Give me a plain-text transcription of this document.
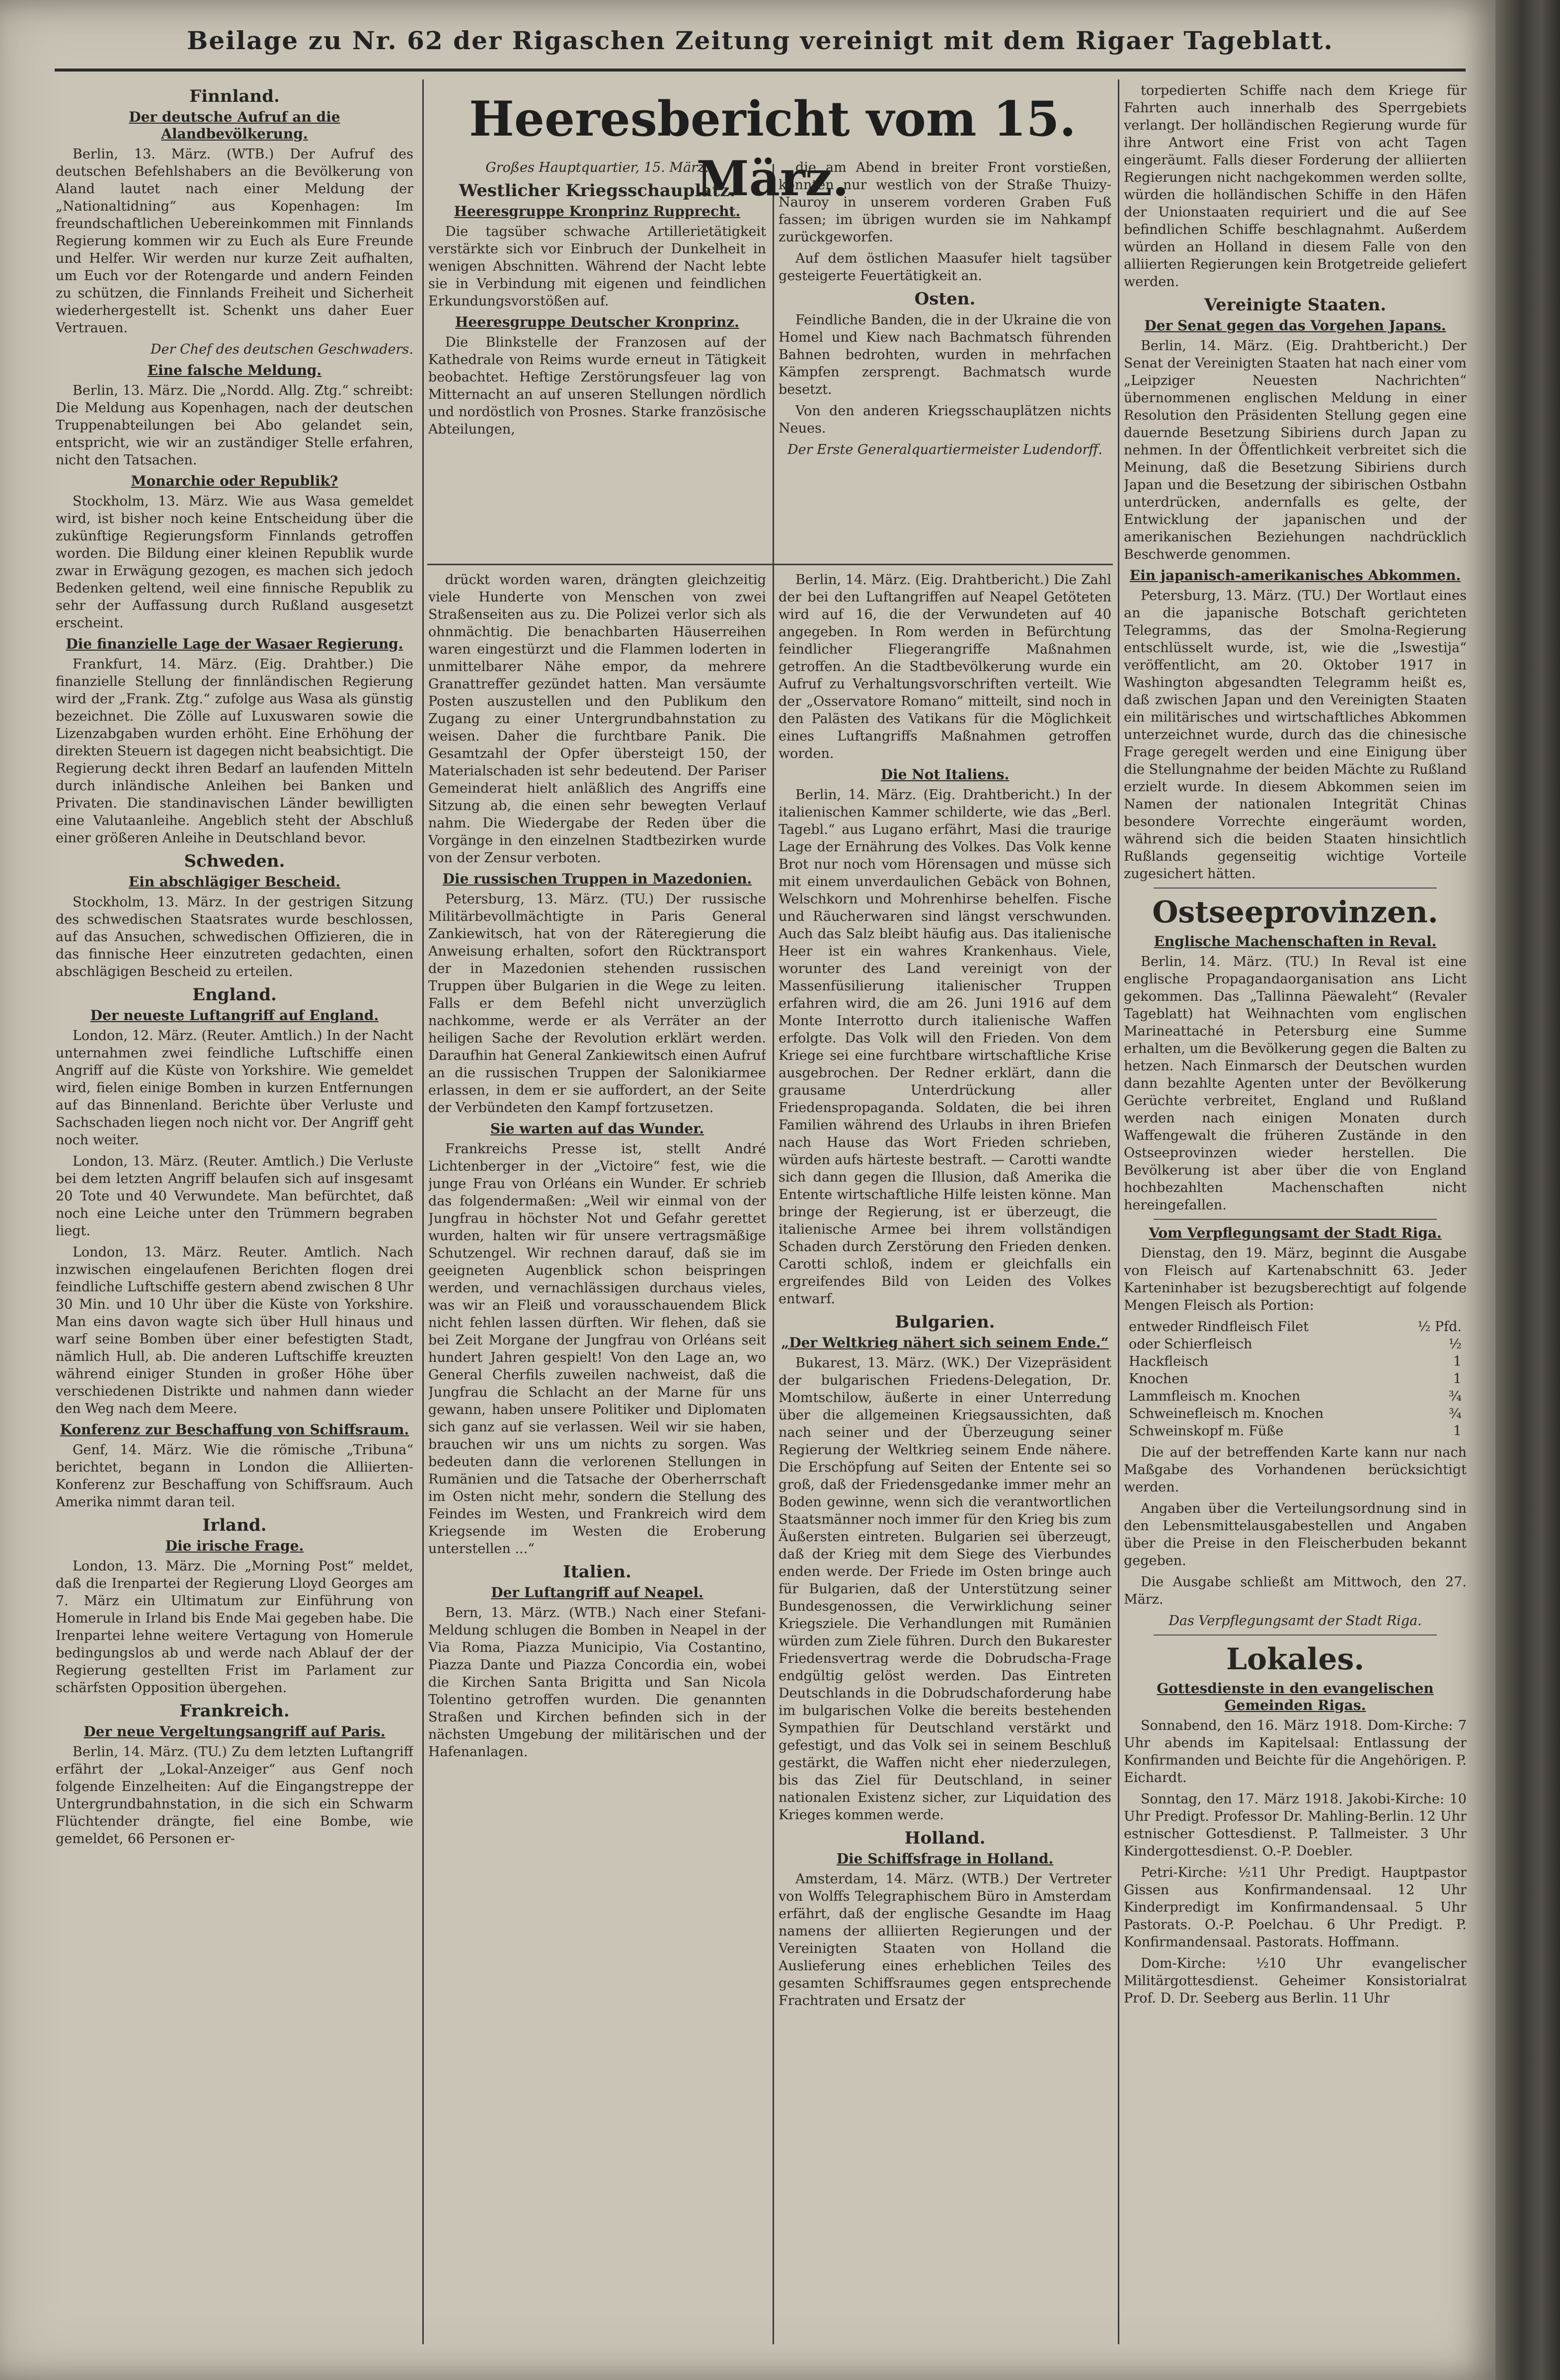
Beilage zu Nr. 62 der Rigaschen Zeitung vereinigt mit dem Rigaer Tageblatt.
Heeresbericht vom 15. März.
Finnland.
Der deutsche Aufruf an die Alandbevölkerung.

Berlin, 13. März. (WTB.) Der Aufruf des deutschen Befehlshabers an die Bevölkerung von Aland lautet nach einer Meldung der „Nationaltidning“ aus Kopenhagen: Im freundschaftlichen Uebereinkommen mit Finnlands Regierung kommen wir zu Euch als Eure Freunde und Helfer. Wir werden nur kurze Zeit aufhalten, um Euch vor der Rotengarde und andern Feinden zu schützen, die Finnlands Freiheit und Sicherheit wiederhergestellt ist. Schenkt uns daher Euer Vertrauen.

Der Chef des deutschen Geschwaders.

Eine falsche Meldung.

Berlin, 13. März. Die „Nordd. Allg. Ztg.“ schreibt: Die Meldung aus Kopenhagen, nach der deutschen Truppenabteilungen bei Abo gelandet sein, entspricht, wie wir an zuständiger Stelle erfahren, nicht den Tatsachen.

Monarchie oder Republik?

Stockholm, 13. März. Wie aus Wasa gemeldet wird, ist bisher noch keine Entscheidung über die zukünftige Regierungsform Finnlands getroffen worden. Die Bildung einer kleinen Republik wurde zwar in Erwägung gezogen, es machen sich jedoch Bedenken geltend, weil eine finnische Republik zu sehr der Auffassung durch Rußland ausgesetzt erscheint.

Die finanzielle Lage der Wasaer Regierung.

Frankfurt, 14. März. (Eig. Drahtber.) Die finanzielle Stellung der finnländischen Regierung wird der „Frank. Ztg.“ zufolge aus Wasa als günstig bezeichnet. Die Zölle auf Luxuswaren sowie die Lizenzabgaben wurden erhöht. Eine Erhöhung der direkten Steuern ist dagegen nicht beabsichtigt. Die Regierung deckt ihren Bedarf an laufenden Mitteln durch inländische Anleihen bei Banken und Privaten. Die standinavischen Länder bewilligten eine Valutaanleihe. Angeblich steht der Abschluß einer größeren Anleihe in Deutschland bevor.

Schweden.
Ein abschlägiger Bescheid.

Stockholm, 13. März. In der gestrigen Sitzung des schwedischen Staatsrates wurde beschlossen, auf das Ansuchen, schwedischen Offizieren, die in das finnische Heer einzutreten gedachten, einen abschlägigen Bescheid zu erteilen.

England.
Der neueste Luftangriff auf England.

London, 12. März. (Reuter. Amtlich.) In der Nacht unternahmen zwei feindliche Luftschiffe einen Angriff auf die Küste von Yorkshire. Wie gemeldet wird, fielen einige Bomben in kurzen Entfernungen auf das Binnenland. Berichte über Verluste und Sachschaden liegen noch nicht vor. Der Angriff geht noch weiter.

London, 13. März. (Reuter. Amtlich.) Die Verluste bei dem letzten Angriff belaufen sich auf insgesamt 20 Tote und 40 Verwundete. Man befürchtet, daß noch eine Leiche unter den Trümmern begraben liegt.

London, 13. März. Reuter. Amtlich. Nach inzwischen eingelaufenen Berichten flogen drei feindliche Luftschiffe gestern abend zwischen 8 Uhr 30 Min. und 10 Uhr über die Küste von Yorkshire. Man eins davon wagte sich über Hull hinaus und warf seine Bomben über einer befestigten Stadt, nämlich Hull, ab. Die anderen Luftschiffe kreuzten während einiger Stunden in großer Höhe über verschiedenen Distrikte und nahmen dann wieder den Weg nach dem Meere.

Konferenz zur Beschaffung von Schiffsraum.

Genf, 14. März. Wie die römische „Tribuna“ berichtet, begann in London die Alliierten-Konferenz zur Beschaffung von Schiffsraum. Auch Amerika nimmt daran teil.

Irland.
Die irische Frage.

London, 13. März. Die „Morning Post“ meldet, daß die Irenpartei der Regierung Lloyd Georges am 7. März ein Ultimatum zur Einführung von Homerule in Irland bis Ende Mai gegeben habe. Die Irenpartei lehne weitere Vertagung von Homerule bedingungslos ab und werde nach Ablauf der der Regierung gestellten Frist im Parlament zur schärfsten Opposition übergehen.

Frankreich.
Der neue Vergeltungsangriff auf Paris.

Berlin, 14. März. (TU.) Zu dem letzten Luftangriff erfährt der „Lokal-Anzeiger“ aus Genf noch folgende Einzelheiten: Auf die Eingangstreppe der Untergrundbahnstation, in die sich ein Schwarm Flüchtender drängte, fiel eine Bombe, wie gemeldet, 66 Personen er-

Großes Hauptquartier, 15. März.

Westlicher Kriegsschauplatz.
Heeresgruppe Kronprinz Rupprecht.

Die tagsüber schwache Artillerietätigkeit verstärkte sich vor Einbruch der Dunkelheit in wenigen Abschnitten. Während der Nacht lebte sie in Verbindung mit eigenen und feindlichen Erkundungsvorstößen auf.

Heeresgruppe Deutscher Kronprinz.

Die Blinkstelle der Franzosen auf der Kathedrale von Reims wurde erneut in Tätigkeit beobachtet. Heftige Zerstörungsfeuer lag von Mitternacht an auf unseren Stellungen nördlich und nordöstlich von Prosnes. Starke französische Abteilungen,

die am Abend in breiter Front vorstießen, konnten nur westlich von der Straße Thuizy-Nauroy in unserem vorderen Graben Fuß fassen; im übrigen wurden sie im Nahkampf zurückgeworfen.

Auf dem östlichen Maasufer hielt tagsüber gesteigerte Feuertätigkeit an.

Osten.

Feindliche Banden, die in der Ukraine die von Homel und Kiew nach Bachmatsch führenden Bahnen bedrohten, wurden in mehrfachen Kämpfen zersprengt. Bachmatsch wurde besetzt.

Von den anderen Kriegsschauplätzen nichts Neues.

Der Erste Generalquartiermeister Ludendorff.

drückt worden waren, drängten gleichzeitig viele Hunderte von Menschen von zwei Straßenseiten aus zu. Die Polizei verlor sich als ohnmächtig. Die benachbarten Häuserreihen waren eingestürzt und die Flammen loderten in unmittelbarer Nähe empor, da mehrere Granattreffer gezündet hatten. Man versäumte Posten auszustellen und den Publikum den Zugang zu einer Untergrundbahnstation zu weisen. Daher die furchtbare Panik. Die Gesamtzahl der Opfer übersteigt 150, der Materialschaden ist sehr bedeutend. Der Pariser Gemeinderat hielt anläßlich des Angriffs eine Sitzung ab, die einen sehr bewegten Verlauf nahm. Die Wiedergabe der Reden über die Vorgänge in den einzelnen Stadtbezirken wurde von der Zensur verboten.

Die russischen Truppen in Mazedonien.

Petersburg, 13. März. (TU.) Der russische Militärbevollmächtigte in Paris General Zankiewitsch, hat von der Räteregierung die Anweisung erhalten, sofort den Rücktransport der in Mazedonien stehenden russischen Truppen über Bulgarien in die Wege zu leiten. Falls er dem Befehl nicht unverzüglich nachkomme, werde er als Verräter an der heiligen Sache der Revolution erklärt werden. Daraufhin hat General Zankiewitsch einen Aufruf an die russischen Truppen der Salonikiarmee erlassen, in dem er sie auffordert, an der Seite der Verbündeten den Kampf fortzusetzen.

Sie warten auf das Wunder.

Frankreichs Presse ist, stellt André Lichtenberger in der „Victoire“ fest, wie die junge Frau von Orléans ein Wunder. Er schrieb das folgendermaßen: „Weil wir einmal von der Jungfrau in höchster Not und Gefahr gerettet wurden, halten wir für unsere vertragsmäßige Schutzengel. Wir rechnen darauf, daß sie im geeigneten Augenblick schon beispringen werden, und vernachlässigen durchaus vieles, was wir an Fleiß und vorausschauendem Blick nicht fehlen lassen dürften. Wir flehen, daß sie bei Zeit Morgane der Jungfrau von Orléans seit hundert Jahren gespielt! Von den Lage an, wo General Cherfils zuweilen nachweist, daß die Jungfrau die Schlacht an der Marne für uns gewann, haben unsere Politiker und Diplomaten sich ganz auf sie verlassen. Weil wir sie haben, brauchen wir uns um nichts zu sorgen. Was bedeuten dann die verlorenen Stellungen in Rumänien und die Tatsache der Oberherrschaft im Osten nicht mehr, sondern die Stellung des Feindes im Westen, und Frankreich wird dem Kriegsende im Westen die Eroberung unterstellen ...“

Italien.
Der Luftangriff auf Neapel.

Bern, 13. März. (WTB.) Nach einer Stefani-Meldung schlugen die Bomben in Neapel in der Via Roma, Piazza Municipio, Via Costantino, Piazza Dante und Piazza Concordia ein, wobei die Kirchen Santa Brigitta und San Nicola Tolentino getroffen wurden. Die genannten Straßen und Kirchen befinden sich in der nächsten Umgebung der militärischen und der Hafenanlagen.

Berlin, 14. März. (Eig. Drahtbericht.) Die Zahl der bei den Luftangriffen auf Neapel Getöteten wird auf 16, die der Verwundeten auf 40 angegeben. In Rom werden in Befürchtung feindlicher Fliegerangriffe Maßnahmen getroffen. An die Stadtbevölkerung wurde ein Aufruf zu Verhaltungsvorschriften verteilt. Wie der „Osservatore Romano“ mitteilt, sind noch in den Palästen des Vatikans für die Möglichkeit eines Luftangriffs Maßnahmen getroffen worden.

Die Not Italiens.

Berlin, 14. März. (Eig. Drahtbericht.) In der italienischen Kammer schilderte, wie das „Berl. Tagebl.“ aus Lugano erfährt, Masi die traurige Lage der Ernährung des Volkes. Das Volk kenne Brot nur noch vom Hörensagen und müsse sich mit einem unverdaulichen Gebäck von Bohnen, Welschkorn und Mohrenhirse behelfen. Fische und Räucherwaren sind längst verschwunden. Auch das Salz bleibt häufig aus. Das italienische Heer ist ein wahres Krankenhaus. Viele, worunter des Land vereinigt von der Massenfüsilierung italienischer Truppen erfahren wird, die am 26. Juni 1916 auf dem Monte Interrotto durch italienische Waffen erfolgte. Das Volk will den Frieden. Von dem Kriege sei eine furchtbare wirtschaftliche Krise ausgebrochen. Der Redner erklärt, dann die grausame Unterdrückung aller Friedenspropaganda. Soldaten, die bei ihren Familien während des Urlaubs in ihren Briefen nach Hause das Wort Frieden schrieben, würden aufs härteste bestraft. — Carotti wandte sich dann gegen die Illusion, daß Amerika die Entente wirtschaftliche Hilfe leisten könne. Man bringe der Regierung, ist er überzeugt, die italienische Armee bei ihrem vollständigen Schaden durch Zerstörung den Frieden denken. Carotti schloß, indem er gleichfalls ein ergreifendes Bild von Leiden des Volkes entwarf.

Bulgarien.
„Der Weltkrieg nähert sich seinem Ende.“

Bukarest, 13. März. (WK.) Der Vizepräsident der bulgarischen Friedens-Delegation, Dr. Momtschilow, äußerte in einer Unterredung über die allgemeinen Kriegsaussichten, daß nach seiner und der Überzeugung seiner Regierung der Weltkrieg seinem Ende nähere. Die Erschöpfung auf Seiten der Entente sei so groß, daß der Friedensgedanke immer mehr an Boden gewinne, wenn sich die verantwortlichen Staatsmänner noch immer für den Krieg bis zum Äußersten eintreten. Bulgarien sei überzeugt, daß der Krieg mit dem Siege des Vierbundes enden werde. Der Friede im Osten bringe auch für Bulgarien, daß der Unterstützung seiner Bundesgenossen, die Verwirklichung seiner Kriegsziele. Die Verhandlungen mit Rumänien würden zum Ziele führen. Durch den Bukarester Friedensvertrag werde die Dobrudscha-Frage endgültig gelöst werden. Das Eintreten Deutschlands in die Dobrudschaforderung habe im bulgarischen Volke die bereits bestehenden Sympathien für Deutschland verstärkt und gefestigt, und das Volk sei in seinem Beschluß gestärkt, die Waffen nicht eher niederzulegen, bis das Ziel für Deutschland, in seiner nationalen Existenz sicher, zur Liquidation des Krieges kommen werde.

Holland.
Die Schiffsfrage in Holland.

Amsterdam, 14. März. (WTB.) Der Vertreter von Wolffs Telegraphischem Büro in Amsterdam erfährt, daß der englische Gesandte im Haag namens der alliierten Regierungen und der Vereinigten Staaten von Holland die Auslieferung eines erheblichen Teiles des gesamten Schiffsraumes gegen entsprechende Frachtraten und Ersatz der

torpedierten Schiffe nach dem Kriege für Fahrten auch innerhalb des Sperrgebiets verlangt. Der holländischen Regierung wurde für ihre Antwort eine Frist von acht Tagen eingeräumt. Falls dieser Forderung der alliierten Regierungen nicht nachgekommen werden sollte, würden die holländischen Schiffe in den Häfen der Unionstaaten requiriert und die auf See befindlichen Schiffe beschlagnahmt. Außerdem würden an Holland in diesem Falle von den alliierten Regierungen kein Brotgetreide geliefert werden.

Vereinigte Staaten.
Der Senat gegen das Vorgehen Japans.

Berlin, 14. März. (Eig. Drahtbericht.) Der Senat der Vereinigten Staaten hat nach einer vom „Leipziger Neuesten Nachrichten“ übernommenen englischen Meldung in einer Resolution den Präsidenten Stellung gegen eine dauernde Besetzung Sibiriens durch Japan zu nehmen. In der Öffentlichkeit verbreitet sich die Meinung, daß die Besetzung Sibiriens durch Japan und die Besetzung der sibirischen Ostbahn unterdrücken, andernfalls es gelte, der Entwicklung der japanischen und der amerikanischen Beziehungen nachdrücklich Beschwerde genommen.

Ein japanisch-amerikanisches Abkommen.

Petersburg, 13. März. (TU.) Der Wortlaut eines an die japanische Botschaft gerichteten Telegramms, das der Smolna-Regierung entschlüsselt wurde, ist, wie die „Iswestija“ veröffentlicht, am 20. Oktober 1917 in Washington abgesandten Telegramm heißt es, daß zwischen Japan und den Vereinigten Staaten ein militärisches und wirtschaftliches Abkommen unterzeichnet wurde, durch das die chinesische Frage geregelt werden und eine Einigung über die Stellungnahme der beiden Mächte zu Rußland erzielt wurde. In diesem Abkommen seien im Namen der nationalen Integrität Chinas besondere Vorrechte eingeräumt worden, während sich die beiden Staaten hinsichtlich Rußlands gegenseitig wichtige Vorteile zugesichert hätten.

Ostseeprovinzen.
Englische Machenschaften in Reval.

Berlin, 14. März. (TU.) In Reval ist eine englische Propagandaorganisation ans Licht gekommen. Das „Tallinna Päewaleht“ (Revaler Tageblatt) hat Weihnachten vom englischen Marineattaché in Petersburg eine Summe erhalten, um die Bevölkerung gegen die Balten zu hetzen. Nach Einmarsch der Deutschen wurden dann bezahlte Agenten unter der Bevölkerung Gerüchte verbreitet, England und Rußland werden nach einigen Monaten durch Waffengewalt die früheren Zustände in den Ostseeprovinzen wieder herstellen. Die Bevölkerung ist aber über die von England hochbezahlten Machenschaften nicht hereingefallen.

Vom Verpflegungsamt der Stadt Riga.

Dienstag, den 19. März, beginnt die Ausgabe von Fleisch auf Kartenabschnitt 63. Jeder Karteninhaber ist bezugsberechtigt auf folgende Mengen Fleisch als Portion:

entweder Rindfleisch Filet	½ Pfd.
oder Schierfleisch	½
Hackfleisch	1
Knochen	1
Lammfleisch m. Knochen	¾
Schweinefleisch m. Knochen	¾
Schweinskopf m. Füße	1

Die auf der betreffenden Karte kann nur nach Maßgabe des Vorhandenen berücksichtigt werden.

Angaben über die Verteilungsordnung sind in den Lebensmittelausgabestellen und Angaben über die Preise in den Fleischerbuden bekannt gegeben.

Die Ausgabe schließt am Mittwoch, den 27. März.

Das Verpflegungsamt der Stadt Riga.

Lokales.
Gottesdienste in den evangelischen Gemeinden Rigas.

Sonnabend, den 16. März 1918. Dom-Kirche: 7 Uhr abends im Kapitelsaal: Entlassung der Konfirmanden und Beichte für die Angehörigen. P. Eichardt.

Sonntag, den 17. März 1918. Jakobi-Kirche: 10 Uhr Predigt. Professor Dr. Mahling-Berlin. 12 Uhr estnischer Gottesdienst. P. Tallmeister. 3 Uhr Kindergottesdienst. O.-P. Doebler.

Petri-Kirche: ½11 Uhr Predigt. Hauptpastor Gissen aus Konfirmandensaal. 12 Uhr Kinderpredigt im Konfirmandensaal. 5 Uhr Pastorats. O.-P. Poelchau. 6 Uhr Predigt. P. Konfirmandensaal. Pastorats. Hoffmann.

Dom-Kirche: ½10 Uhr evangelischer Militärgottesdienst. Geheimer Konsistorialrat Prof. D. Dr. Seeberg aus Berlin. 11 Uhr
